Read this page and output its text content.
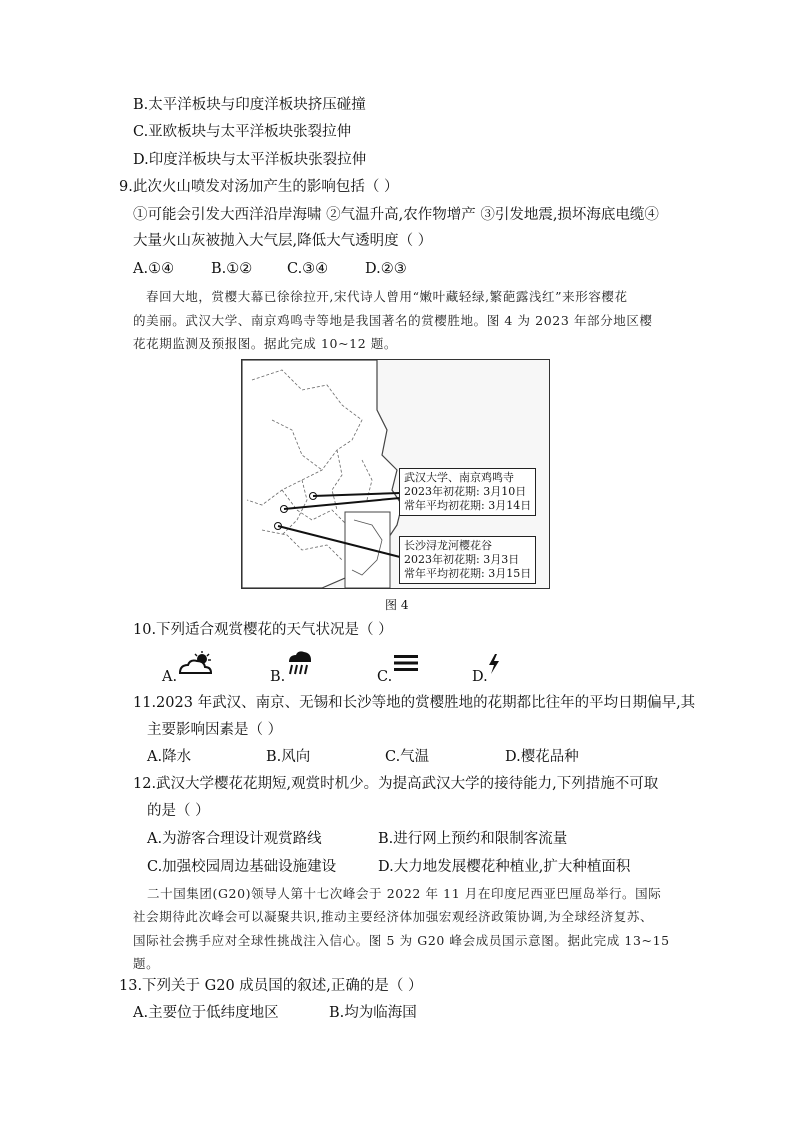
B.太平洋板块与印度洋板块挤压碰撞
C.亚欧板块与太平洋板块张裂拉伸
D.印度洋板块与太平洋板块张裂拉伸
9.此次火山喷发对汤加产生的影响包括（ ）
①可能会引发大西洋沿岸海啸 ②气温升高,农作物增产 ③引发地震,损坏海底电缆④
大量火山灰被抛入大气层,降低大气透明度（ ）
A.①④	B.①② C.③④	D.②③
春回大地，赏樱大幕已徐徐拉开,宋代诗人曾用“嫩叶藏轻绿,繁葩露浅红”来形容樱花
的美丽。武汉大学、南京鸡鸣寺等地是我国著名的赏樱胜地。图 4 为 2023 年部分地区樱
花花期监测及预报图。据此完成 10~12 题。
武汉大学、南京鸡鸣寺
2023年初花期: 3月10日
常年平均初花期: 3月14日
长沙浔龙河樱花谷
2023年初花期: 3月3日
常年平均初花期: 3月15日
图 4
10.下列适合观赏樱花的天气状况是（ ）
A.	B.	C.	D.
11.2023 年武汉、南京、无锡和长沙等地的赏樱胜地的花期都比往年的平均日期偏早,其
主要影响因素是（ ）
A.降水	B.风向	C.气温	D.樱花品种
12.武汉大学樱花花期短,观赏时机少。为提高武汉大学的接待能力,下列措施不可取
的是（ ）
A.为游客合理设计观赏路线	B.进行网上预约和限制客流量
C.加强校园周边基础设施建设	D.大力地发展樱花种植业,扩大种植面积
二十国集团(G20)领导人第十七次峰会于 2022 年 11 月在印度尼西亚巴厘岛举行。国际
社会期待此次峰会可以凝聚共识,推动主要经济体加强宏观经济政策协调,为全球经济复苏、
国际社会携手应对全球性挑战注入信心。图 5 为 G20 峰会成员国示意图。据此完成 13~15
题。
13.下列关于 G20 成员国的叙述,正确的是（ ）
A.主要位于低纬度地区	B.均为临海国
